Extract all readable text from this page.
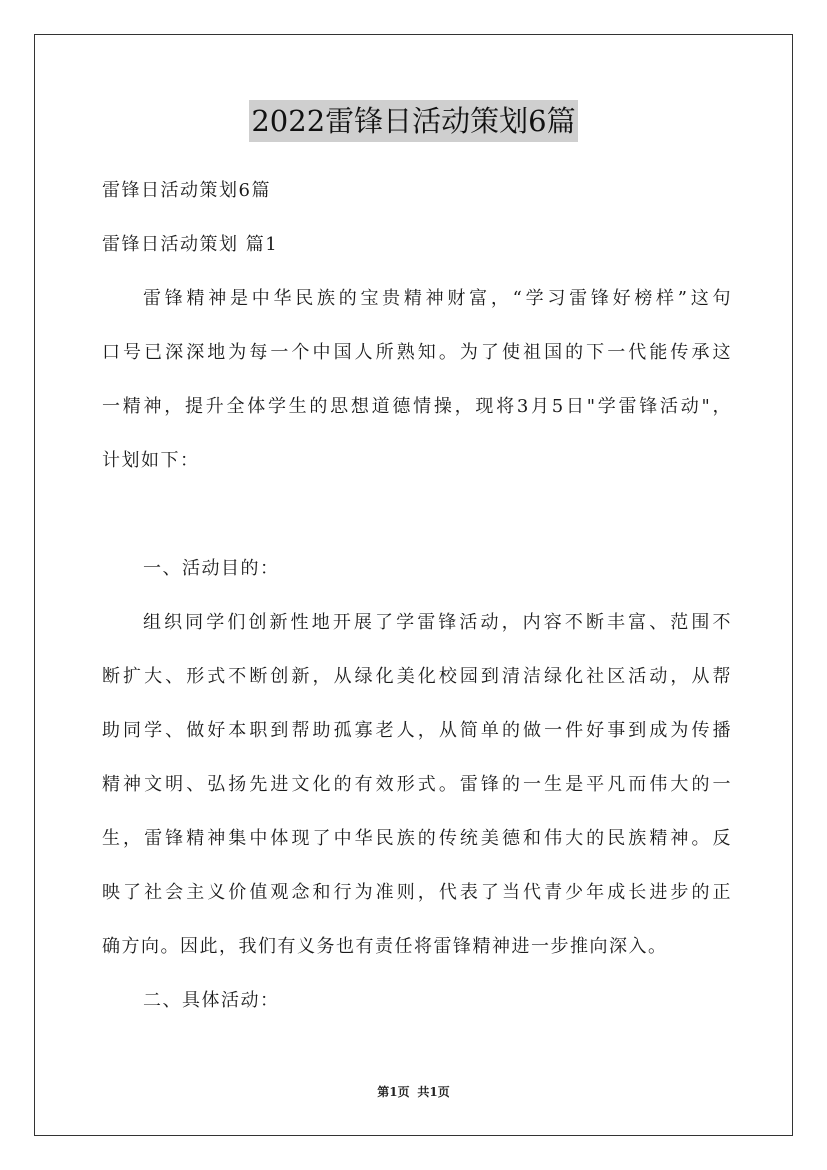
2022雷锋日活动策划6篇
雷锋日活动策划6篇
雷锋日活动策划 篇1
雷锋精神是中华民族的宝贵精神财富，“学习雷锋好榜样”这句
口号已深深地为每一个中国人所熟知。为了使祖国的下一代能传承这
一精神，提升全体学生的思想道德情操，现将3月5日"学雷锋活动"，
计划如下：
一、活动目的：
组织同学们创新性地开展了学雷锋活动，内容不断丰富、范围不
断扩大、形式不断创新，从绿化美化校园到清洁绿化社区活动，从帮
助同学、做好本职到帮助孤寡老人，从简单的做一件好事到成为传播
精神文明、弘扬先进文化的有效形式。雷锋的一生是平凡而伟大的一
生，雷锋精神集中体现了中华民族的传统美德和伟大的民族精神。反
映了社会主义价值观念和行为准则，代表了当代青少年成长进步的正
确方向。因此，我们有义务也有责任将雷锋精神进一步推向深入。
二、具体活动：
第1页 共1页
